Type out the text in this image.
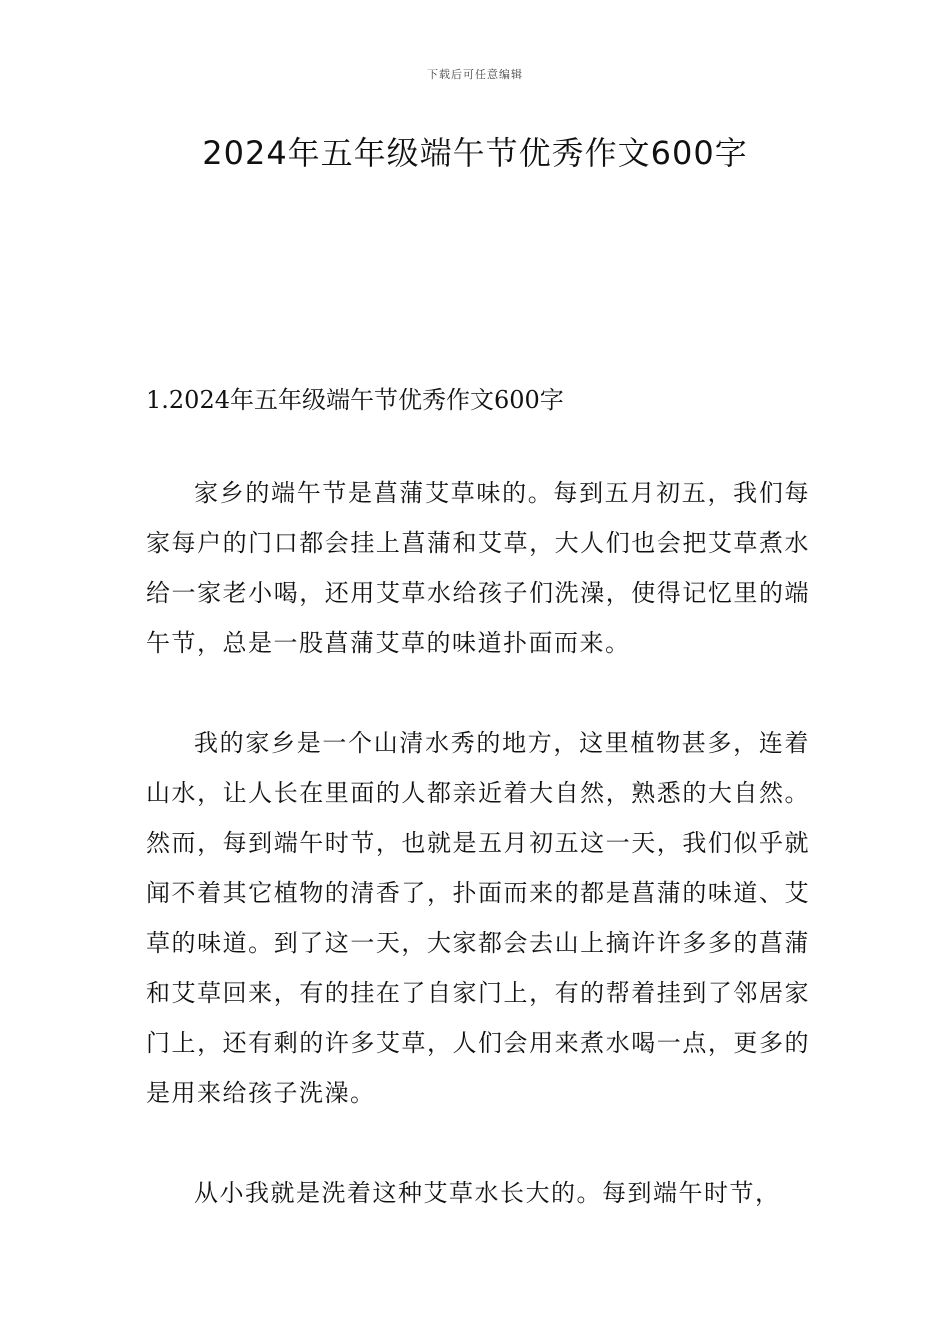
下载后可任意编辑
2024年五年级端午节优秀作文600字
1.2024年五年级端午节优秀作文600字

家乡的端午节是菖蒲艾草味的。每到五月初五，我们每家每户的门口都会挂上菖蒲和艾草，大人们也会把艾草煮水给一家老小喝，还用艾草水给孩子们洗澡，使得记忆里的端午节，总是一股菖蒲艾草的味道扑面而来。

我的家乡是一个山清水秀的地方，这里植物甚多，连着山水，让人长在里面的人都亲近着大自然，熟悉的大自然。然而，每到端午时节，也就是五月初五这一天，我们似乎就闻不着其它植物的清香了，扑面而来的都是菖蒲的味道、艾草的味道。到了这一天，大家都会去山上摘许许多多的菖蒲和艾草回来，有的挂在了自家门上，有的帮着挂到了邻居家门上，还有剩的许多艾草，人们会用来煮水喝一点，更多的是用来给孩子洗澡。

从小我就是洗着这种艾草水长大的。每到端午时节，
